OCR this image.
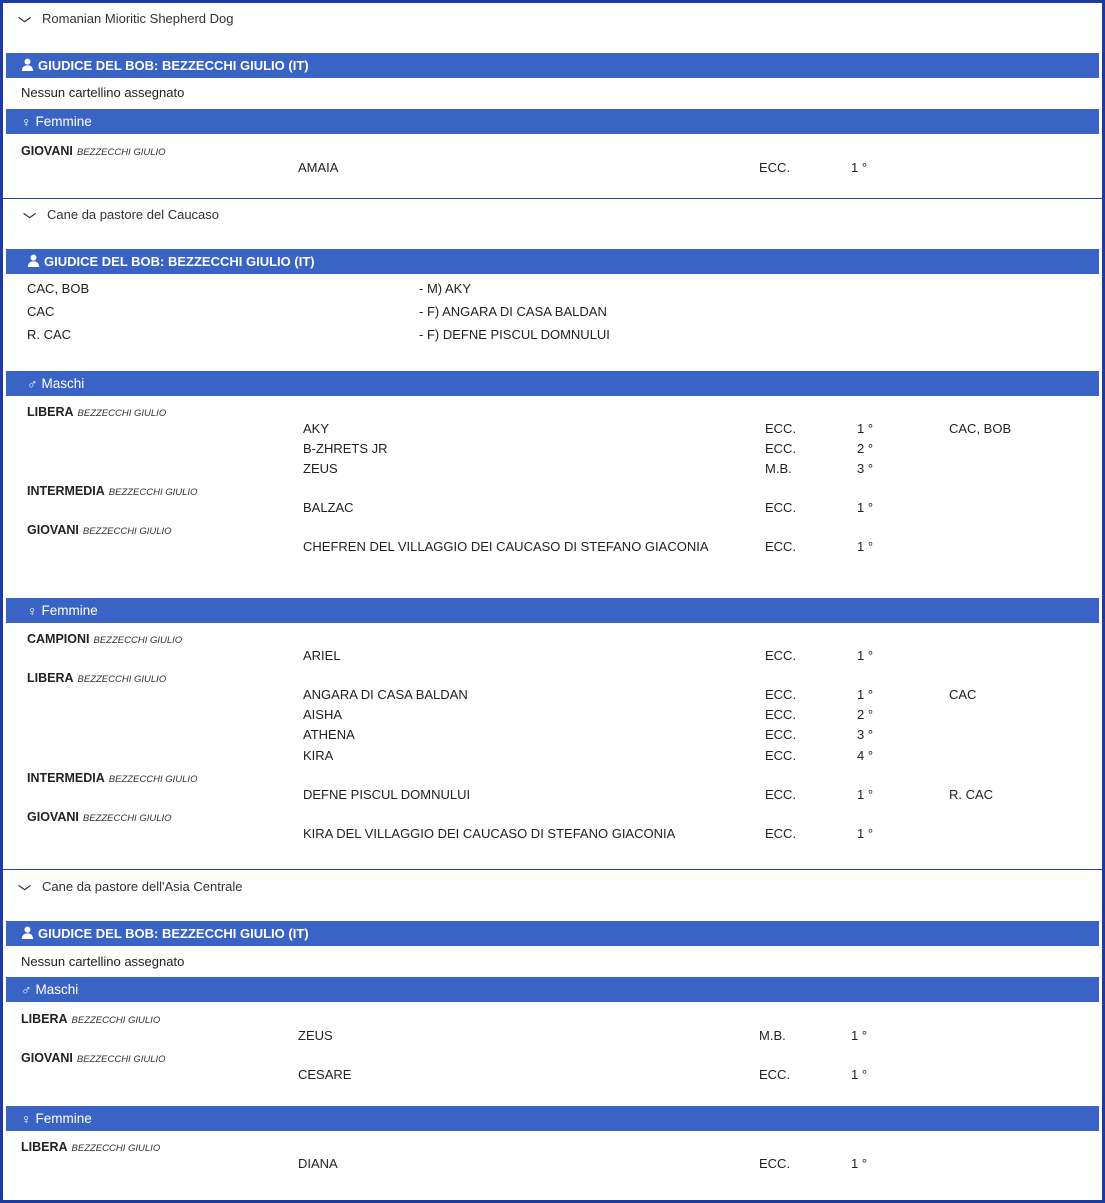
⌵ Romanian Mioritic Shepherd Dog
GIUDICE DEL BOB: BEZZECCHI GIULIO (IT)
Nessun cartellino assegnato
♀ Femmine
GIOVANI BEZZECCHI GIULIO
AMAIA	ECC.	1 °
⌵ Cane da pastore del Caucaso
GIUDICE DEL BOB: BEZZECCHI GIULIO (IT)
CAC, BOB	- M) AKY
CAC	- F) ANGARA DI CASA BALDAN
R. CAC	- F) DEFNE PISCUL DOMNULUI
♂ Maschi
LIBERA BEZZECCHI GIULIO
AKY	ECC.	1 °	CAC, BOB
B-ZHRETS JR	ECC.	2 °
ZEUS	M.B.	3 °
INTERMEDIA BEZZECCHI GIULIO
BALZAC	ECC.	1 °
GIOVANI BEZZECCHI GIULIO
CHEFREN DEL VILLAGGIO DEI CAUCASO DI STEFANO GIACONIA	ECC.	1 °
♀ Femmine
CAMPIONI BEZZECCHI GIULIO
ARIEL	ECC.	1 °
LIBERA BEZZECCHI GIULIO
ANGARA DI CASA BALDAN	ECC.	1 °	CAC
AISHA	ECC.	2 °
ATHENA	ECC.	3 °
KIRA	ECC.	4 °
INTERMEDIA BEZZECCHI GIULIO
DEFNE PISCUL DOMNULUI	ECC.	1 °	R. CAC
GIOVANI BEZZECCHI GIULIO
KIRA DEL VILLAGGIO DEI CAUCASO DI STEFANO GIACONIA	ECC.	1 °
⌵ Cane da pastore dell'Asia Centrale
GIUDICE DEL BOB: BEZZECCHI GIULIO (IT)
Nessun cartellino assegnato
♂ Maschi
LIBERA BEZZECCHI GIULIO
ZEUS	M.B.	1 °
GIOVANI BEZZECCHI GIULIO
CESARE	ECC.	1 °
♀ Femmine
LIBERA BEZZECCHI GIULIO
DIANA	ECC.	1 °
